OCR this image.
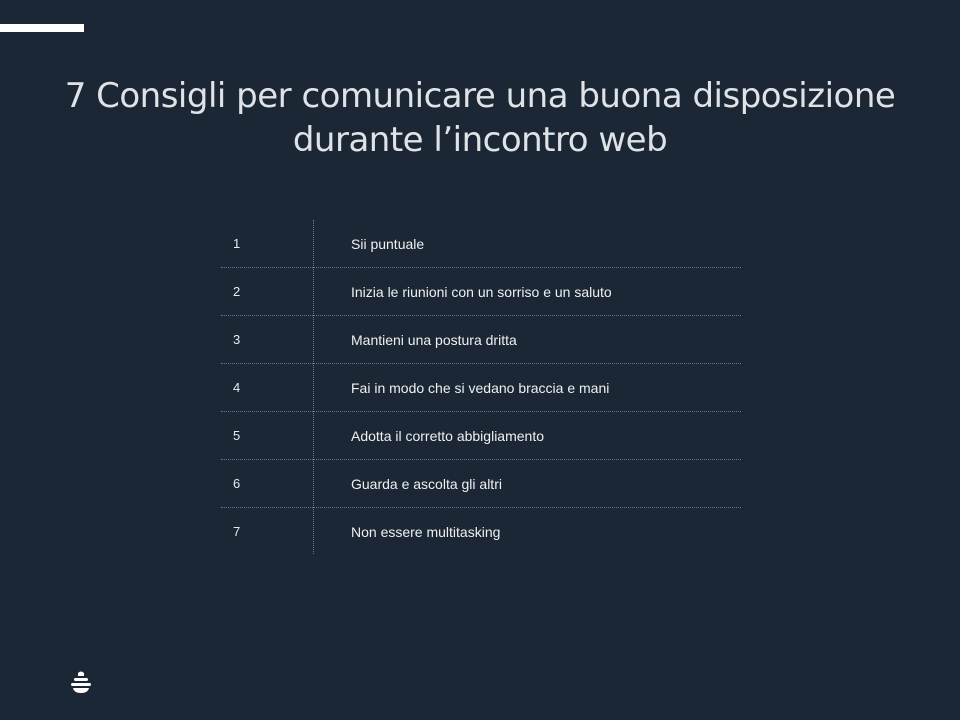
7 Consigli per comunicare una buona disposizione
durante l’incontro web
1	Sii puntuale
2	Inizia le riunioni con un sorriso e un saluto
3	Mantieni una postura dritta
4	Fai in modo che si vedano braccia e mani
5	Adotta il corretto abbigliamento
6	Guarda e ascolta gli altri
7	Non essere multitasking
